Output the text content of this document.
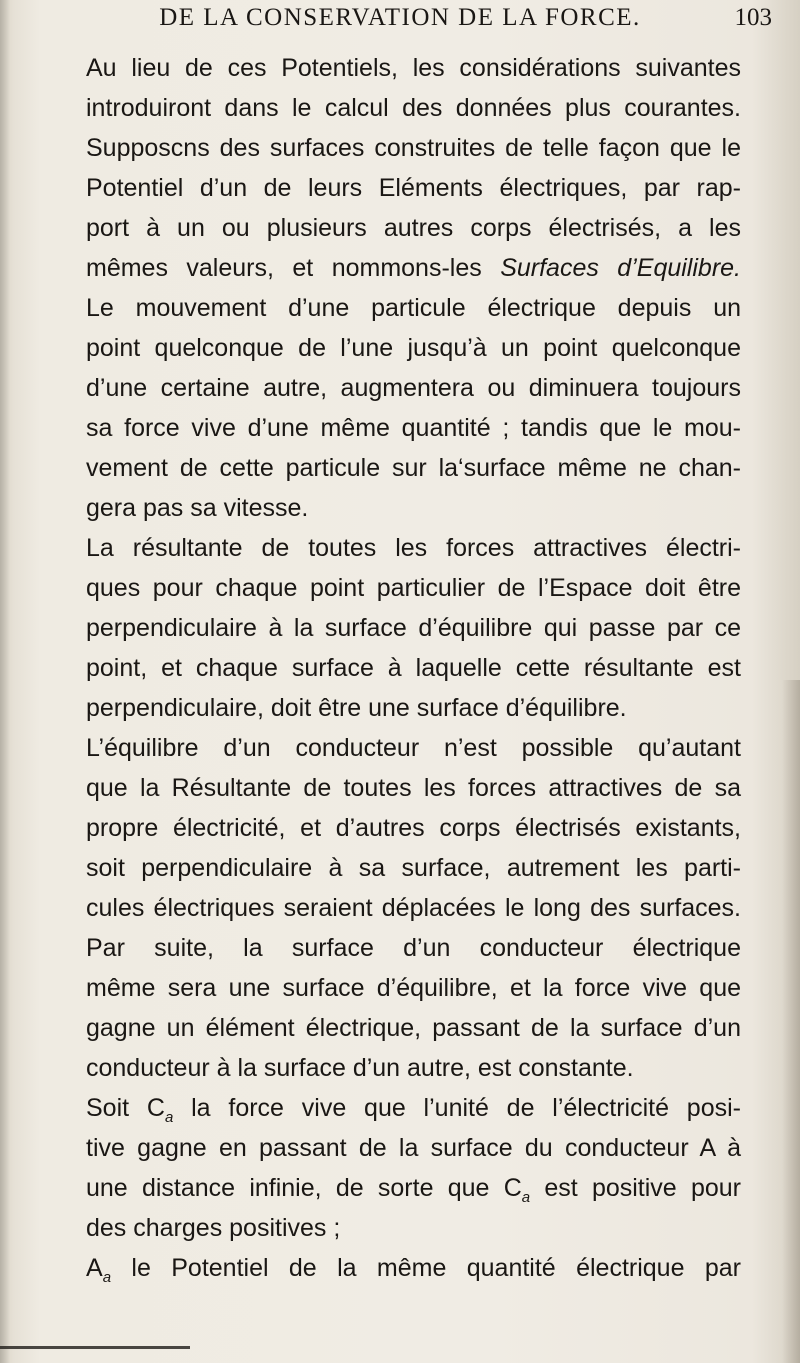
DE LA CONSERVATION DE LA FORCE.	103
Au lieu de ces Potentiels, les considérations suivantes
introduiront dans le calcul des données plus courantes.
Supposcns des surfaces construites de telle façon que le
Potentiel d’un de leurs Eléments électriques, par rap-
port à un ou plusieurs autres corps électrisés, a les
mêmes valeurs, et nommons-les Surfaces d’Equilibre.
Le mouvement d’une particule électrique depuis un
point quelconque de l’une jusqu’à un point quelconque
d’une certaine autre, augmentera ou diminuera toujours
sa force vive d’une même quantité ; tandis que le mou-
vement de cette particule sur la‘surface même ne chan-
gera pas sa vitesse.
La résultante de toutes les forces attractives électri-
ques pour chaque point particulier de l’Espace doit être
perpendiculaire à la surface d’équilibre qui passe par ce
point, et chaque surface à laquelle cette résultante est
perpendiculaire, doit être une surface d’équilibre.
L’équilibre d’un conducteur n’est possible qu’autant
que la Résultante de toutes les forces attractives de sa
propre électricité, et d’autres corps électrisés existants,
soit perpendiculaire à sa surface, autrement les parti-
cules électriques seraient déplacées le long des surfaces.
Par suite, la surface d’un conducteur électrique
même sera une surface d’équilibre, et la force vive que
gagne un élément électrique, passant de la surface d’un
conducteur à la surface d’un autre, est constante.
Soit $C_a$ la force vive que l’unité de l’électricité posi-
tive gagne en passant de la surface du conducteur A à
une distance infinie, de sorte que $C_a$ est positive pour
des charges positives ;
$A_a$ le Potentiel de la même quantité électrique par
